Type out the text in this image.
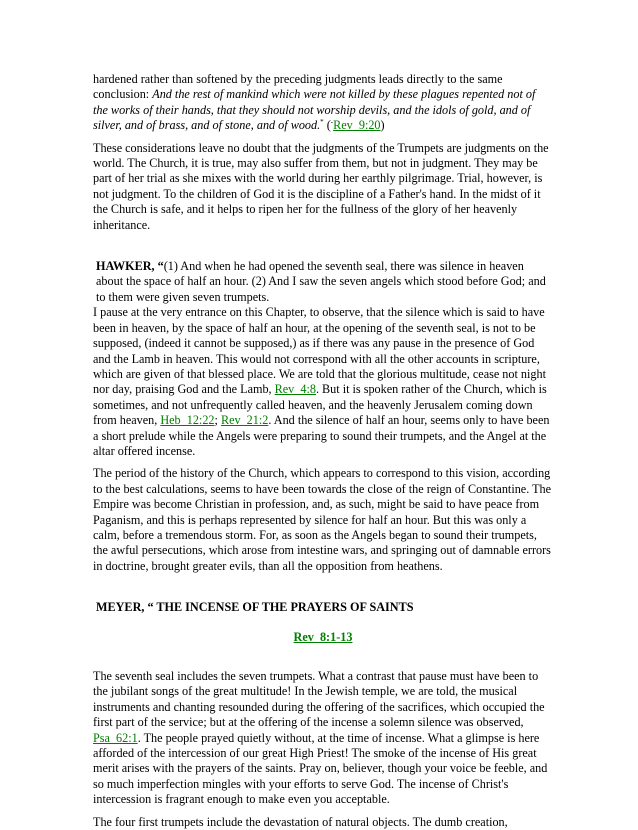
hardened rather than softened by the preceding judgments leads directly to the same conclusion: And the rest of mankind which were not killed by these plagues repented not of the works of their hands, that they should not worship devils, and the idols of gold, and of silver, and of brass, and of stone, and of wood.* (-Rev_9:20)

These considerations leave no doubt that the judgments of the Trumpets are judgments on the world. The Church, it is true, may also suffer from them, but not in judgment. They may be part of her trial as she mixes with the world during her earthly pilgrimage. Trial, however, is not judgment. To the children of God it is the discipline of a Father's hand. In the midst of it the Church is safe, and it helps to ripen her for the fullness of the glory of her heavenly inheritance.

HAWKER, “(1) And when he had opened the seventh seal, there was silence in heaven about the space of half an hour. (2) And I saw the seven angels which stood before God; and to them were given seven trumpets.

I pause at the very entrance on this Chapter, to observe, that the silence which is said to have been in heaven, by the space of half an hour, at the opening of the seventh seal, is not to be supposed, (indeed it cannot be supposed,) as if there was any pause in the presence of God and the Lamb in heaven. This would not correspond with all the other accounts in scripture, which are given of that blessed place. We are told that the glorious multitude, cease not night nor day, praising God and the Lamb, Rev_4:8. But it is spoken rather of the Church, which is sometimes, and not unfrequently called heaven, and the heavenly Jerusalem coming down from heaven, Heb_12:22; Rev_21:2. And the silence of half an hour, seems only to have been a short prelude while the Angels were preparing to sound their trumpets, and the Angel at the altar offered incense.

The period of the history of the Church, which appears to correspond to this vision, according to the best calculations, seems to have been towards the close of the reign of Constantine. The Empire was become Christian in profession, and, as such, might be said to have peace from Paganism, and this is perhaps represented by silence for half an hour. But this was only a calm, before a tremendous storm. For, as soon as the Angels began to sound their trumpets, the awful persecutions, which arose from intestine wars, and springing out of damnable errors in doctrine, brought greater evils, than all the opposition from heathens.

MEYER, “ THE INCENSE OF THE PRAYERS OF SAINTS

Rev_8:1-13

The seventh seal includes the seven trumpets. What a contrast that pause must have been to the jubilant songs of the great multitude! In the Jewish temple, we are told, the musical instruments and chanting resounded during the offering of the sacrifices, which occupied the first part of the service; but at the offering of the incense a solemn silence was observed, Psa_62:1. The people prayed quietly without, at the time of incense. What a glimpse is here afforded of the intercession of our great High Priest! The smoke of the incense of His great merit arises with the prayers of the saints. Pray on, believer, though your voice be feeble, and so much imperfection mingles with your efforts to serve God. The incense of Christ's intercession is fragrant enough to make even you acceptable.

The four first trumpets include the devastation of natural objects. The dumb creation,
